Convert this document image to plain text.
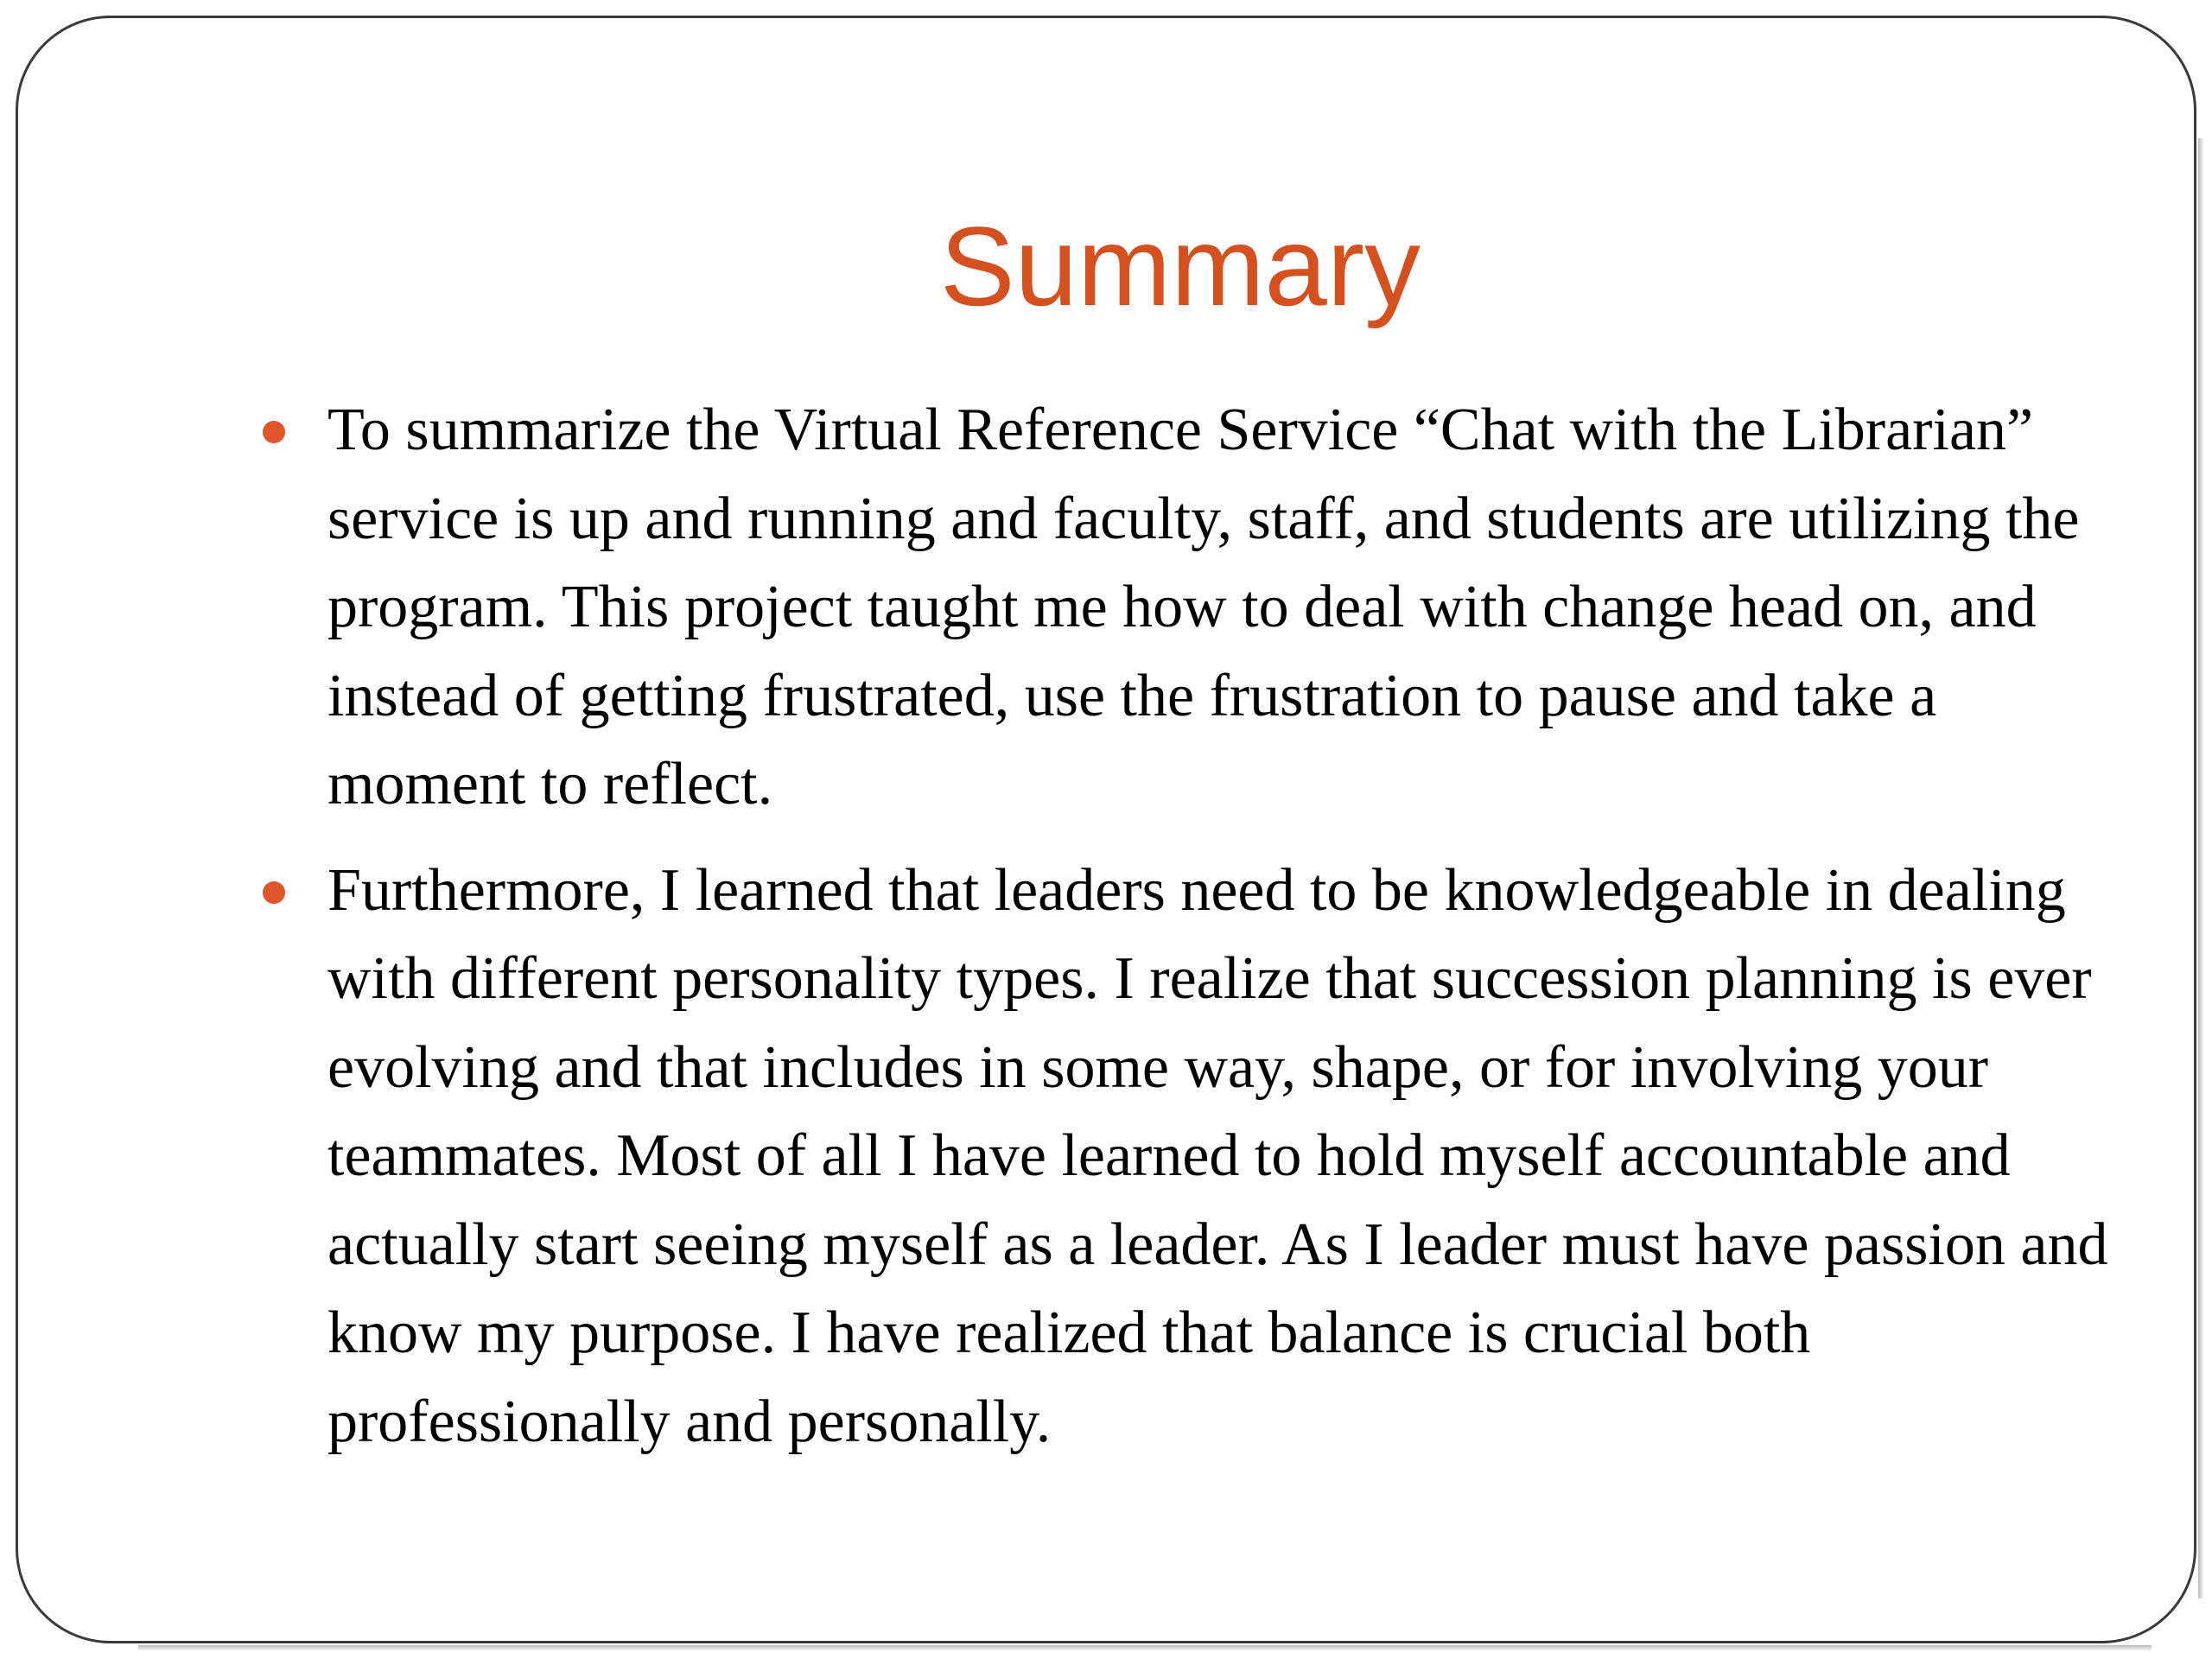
Summary
To summarize the Virtual Reference Service “Chat with the Librarian” service is up and running and faculty, staff, and students are utilizing the program. This project taught me how to deal with change head on, and instead of getting frustrated, use the frustration to pause and take a moment to reflect.
Furthermore, I learned that leaders need to be knowledgeable in dealing with different personality types. I realize that succession planning is ever evolving and that includes in some way, shape, or for involving your teammates. Most of all I have learned to hold myself accountable and actually start seeing myself as a leader. As I leader must have passion and know my purpose. I have realized that balance is crucial both professionally and personally.
